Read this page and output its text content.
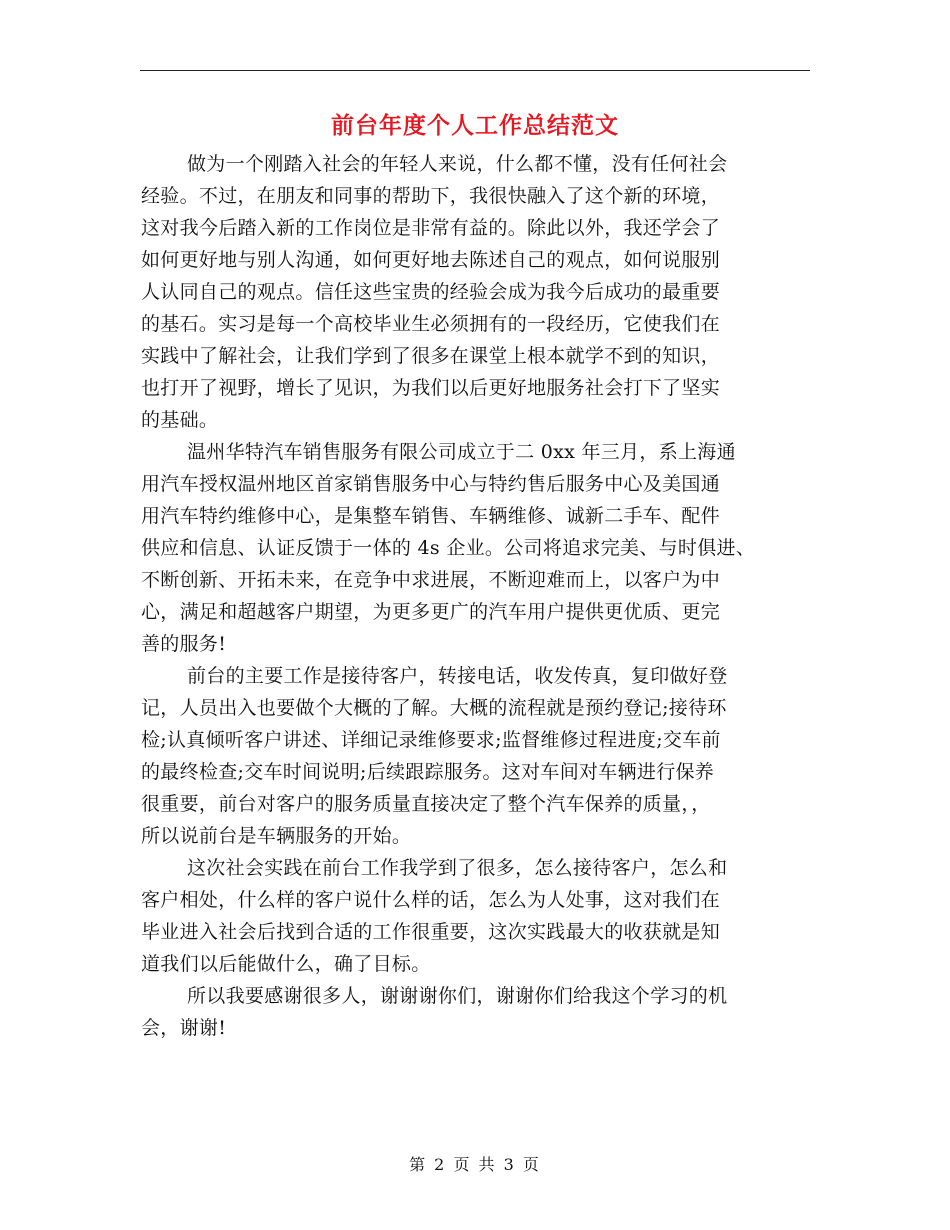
前台年度个人工作总结范文

做为一个刚踏入社会的年轻人来说，什么都不懂，没有任何社会
经验。不过，在朋友和同事的帮助下，我很快融入了这个新的环境，
这对我今后踏入新的工作岗位是非常有益的。除此以外，我还学会了
如何更好地与别人沟通，如何更好地去陈述自己的观点，如何说服别
人认同自己的观点。信任这些宝贵的经验会成为我今后成功的最重要
的基石。实习是每一个高校毕业生必须拥有的一段经历，它使我们在
实践中了解社会，让我们学到了很多在课堂上根本就学不到的知识，
也打开了视野，增长了见识，为我们以后更好地服务社会打下了坚实
的基础。

温州华特汽车销售服务有限公司成立于二 0xx 年三月，系上海通
用汽车授权温州地区首家销售服务中心与特约售后服务中心及美国通
用汽车特约维修中心，是集整车销售、车辆维修、诚新二手车、配件
供应和信息、认证反馈于一体的 4s 企业。公司将追求完美、与时俱进、
不断创新、开拓未来，在竞争中求进展，不断迎难而上，以客户为中
心，满足和超越客户期望，为更多更广的汽车用户提供更优质、更完
善的服务!

前台的主要工作是接待客户，转接电话，收发传真，复印做好登
记，人员出入也要做个大概的了解。大概的流程就是预约登记;接待环
检;认真倾听客户讲述、详细记录维修要求;监督维修过程进度;交车前
的最终检查;交车时间说明;后续跟踪服务。这对车间对车辆进行保养
很重要，前台对客户的服务质量直接决定了整个汽车保养的质量，，
所以说前台是车辆服务的开始。

这次社会实践在前台工作我学到了很多，怎么接待客户，怎么和
客户相处，什么样的客户说什么样的话，怎么为人处事，这对我们在
毕业进入社会后找到合适的工作很重要，这次实践最大的收获就是知
道我们以后能做什么，确了目标。

所以我要感谢很多人，谢谢谢你们，谢谢你们给我这个学习的机
会，谢谢!

第 2 页 共 3 页
